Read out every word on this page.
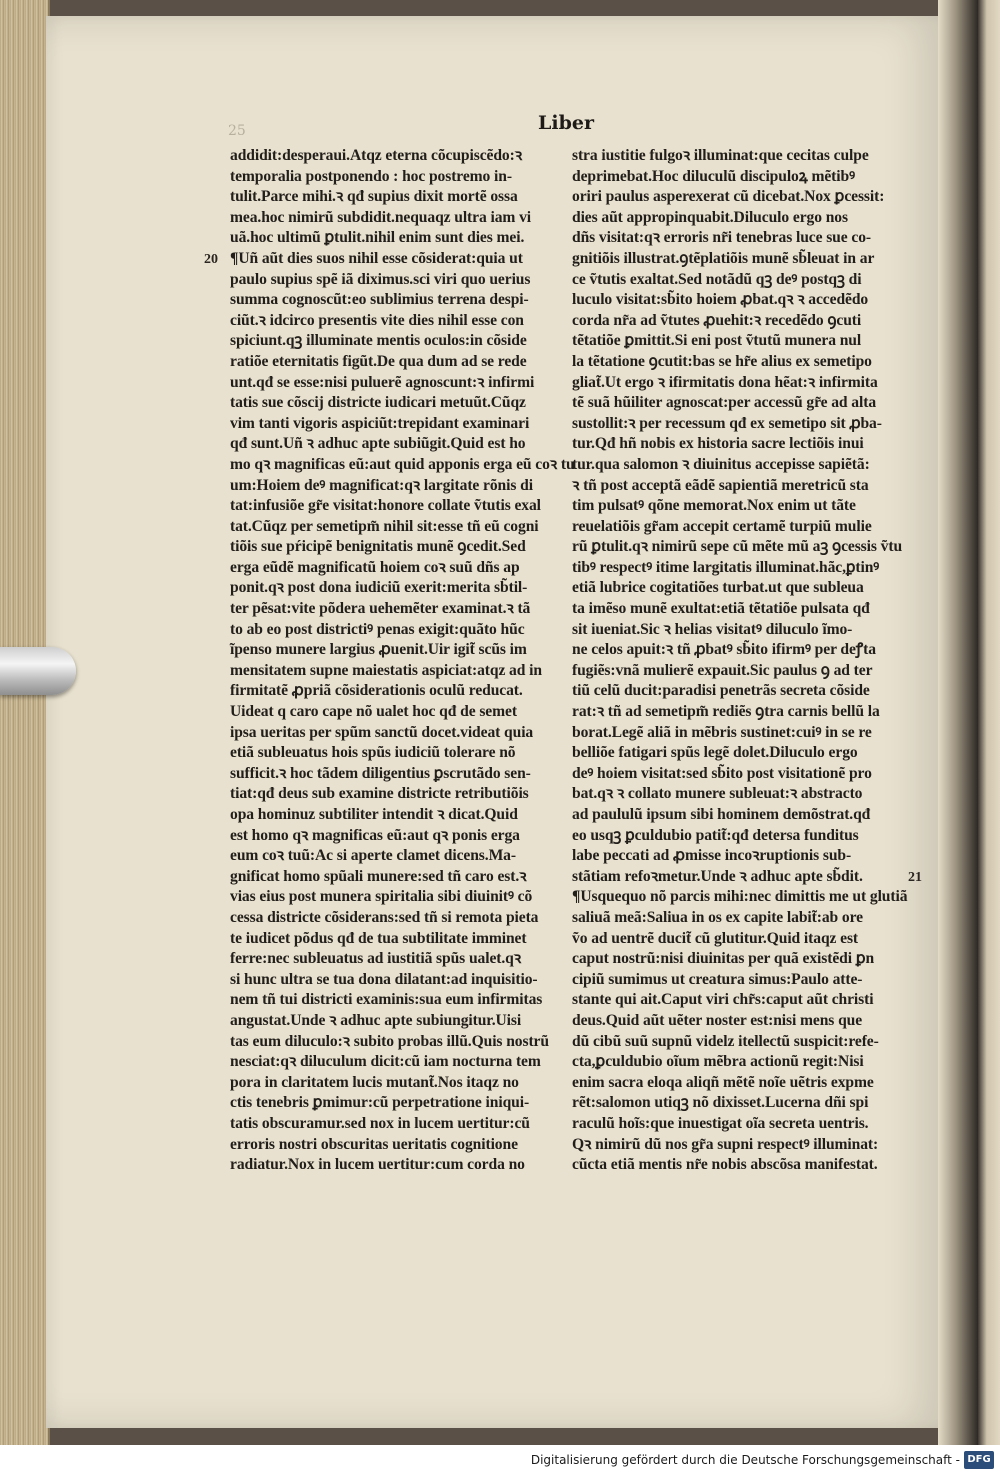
25	Liber
20
21
addidit:desperaui.Atqz eterna cõcupiscẽdo:ꝛ
temporalia postponendo : hoc postremo in-
tulit.Parce mihi.ꝛ qđ supius dixit mortẽ ossa
mea.hoc nimirũ subdidit.nequaqz ultra iam vi
uã.hoc ultimũ ꝑtulit.nihil enim sunt dies mei.
¶Uñ aũt dies suos nihil esse cõsiderat:quia ut
paulo supius spẽ iã diximus.sci viri quo uerius
summa cognoscũt:eo sublimius terrena despi-
ciũt.ꝛ idcirco presentis vite dies nihil esse con
spiciunt.qꝫ illuminate mentis oculos:in cõside
ratiõe eternitatis figũt.De qua dum ad se rede
unt.qđ se esse:nisi puluerẽ agnoscunt:ꝛ infirmi
tatis sue cõscij districte iudicari metuũt.Cũqz
vim tanti vigoris aspiciũt:trepidant examinari
qđ sunt.Uñ ꝛ adhuc apte subiũgit.Quid est ho
mo qꝛ magnificas eũ:aut quid apponis erga eũ coꝛ tu
um:Hoiem deꝰ magnificat:qꝛ largitate rõnis di
tat:infusiõe gr̃e visitat:honore collate ṽtutis exal
tat.Cũqz per semetipm̃ nihil sit:esse tñ eũ cogni
tiõis sue pŕicipẽ benignitatis munẽ ꝯcedit.Sed
erga eũdẽ magnificatũ hoiem coꝛ suũ dñs ap
ponit.qꝛ post dona iudiciũ exerit:merita sb̃til-
ter pẽsat:vite põdera uehemẽter examinat.ꝛ tã
to ab eo post districtiꝰ penas exigit:quãto hũc
ĩpenso munere largius ꝓuenit.Uir igit̃ scũs im
mensitatem supne maiestatis aspiciat:atqz ad in
firmitatẽ ꝓpriã cõsiderationis oculũ reducat.
Uideat q caro cape nõ ualet hoc qđ de semet
ipsa ueritas per spũm sanctũ docet.videat quia
etiã subleuatus hois spũs iudiciũ tolerare nõ
sufficit.ꝛ hoc tãdem diligentius ꝑscrutãdo sen-
tiat:qđ deus sub examine districte retributiõis
opa hominuz subtiliter intendit ꝛ dicat.Quid
est homo qꝛ magnificas eũ:aut qꝛ ponis erga
eum coꝛ tuũ:Ac si aperte clamet dicens.Ma-
gnificat homo spũali munere:sed tñ caro est.ꝛ
vias eius post munera spiritalia sibi diuinitꝰ cõ
cessa districte cõsiderans:sed tñ si remota pieta
te iudicet põdus qđ de tua subtilitate imminet
ferre:nec subleuatus ad iustitiã spũs ualet.qꝛ
si hunc ultra se tua dona dilatant:ad inquisitio-
nem tñ tui districti examinis:sua eum infirmitas
angustat.Unde ꝛ adhuc apte subiungitur.Uisi
tas eum diluculo:ꝛ subito probas illũ.Quis nostrũ
nesciat:qꝛ diluculum dicit:cũ iam nocturna tem
pora in claritatem lucis mutant̃.Nos itaqz no
ctis tenebris ꝑmimur:cũ perpetratione iniqui-
tatis obscuramur.sed nox in lucem uertitur:cũ
erroris nostri obscuritas ueritatis cognitione
radiatur.Nox in lucem uertitur:cum corda no
stra iustitie fulgoꝛ illuminat:que cecitas culpe
deprimebat.Hoc diluculũ discipuloꝝ mẽtibꝰ
oriri paulus asperexerat cũ dicebat.Nox ꝑcessit:
dies aũt appropinquabit.Diluculo ergo nos
dñs visitat:qꝛ erroris nr̃i tenebras luce sue co-
gnitiõis illustrat.ꝯtẽplatiõis munẽ sb̃leuat in ar
ce ṽtutis exaltat.Sed notãdũ qꝫ deꝰ postqꝫ di
luculo visitat:sb̃ito hoiem ꝓbat.qꝛ ꝛ accedẽdo
corda nr̃a ad ṽtutes ꝓuehit:ꝛ recedẽdo ꝯcuti
tẽtatiõe ꝑmittit.Si eni post ṽtutũ munera nul
la tẽtatione ꝯcutit:bas se hr̃e alius ex semetipo
gliat̃.Ut ergo ꝛ ifirmitatis dona hẽat:ꝛ infirmita
tẽ suã hũiliter agnoscat:per accessũ gr̃e ad alta
sustollit:ꝛ per recessum qđ ex semetipo sit ꝓba-
tur.Qđ hñ nobis ex historia sacre lectiõis inui
tur.qua salomon ꝛ diuinitus accepisse sapiẽtã:
ꝛ tñ post acceptã eãdẽ sapientiã meretricũ sta
tim pulsatꝰ qõne memorat.Nox enim ut tãte
reuelatiõis gr̃am accepit certamẽ turpiũ mulie
rũ ꝑtulit.qꝛ nimirũ sepe cũ mẽte mũ aꝫ ꝯcessis ṽtu
tibꝰ respectꝰ itime largitatis illuminat.hãc,ꝑtinꝰ
etiã lubrice cogitatiões turbat.ut que subleua
ta imẽso munẽ exultat:etiã tẽtatiõe pulsata qđ
sit iueniat.Sic ꝛ helias visitatꝰ diluculo ĩmo-
ne celos apuit:ꝛ tñ ꝓbatꝰ sb̃ito ifirmꝰ per deꝭta
fugiẽs:vnã mulierẽ expauit.Sic paulus ꝯ ad ter
tiũ celũ ducit:paradisi penetrãs secreta cõside
rat:ꝛ tñ ad semetipm̃ rediẽs ꝯtra carnis bellũ la
borat.Legẽ aliã in mẽbris sustinet:cuiꝰ in se re
belliõe fatigari spũs legẽ dolet.Diluculo ergo
deꝰ hoiem visitat:sed sb̃ito post visitationẽ pro
bat.qꝛ ꝛ collato munere subleuat:ꝛ abstracto
ad paululũ ipsum sibi hominem demõstrat.qđ
eo usqꝫ ꝑculdubio patit̃:qđ detersa funditus
labe peccati ad ꝓmisse incoꝛruptionis sub-
stãtiam refoꝛmetur.Unde ꝛ adhuc apte sb̃dit.
¶Usquequo nõ parcis mihi:nec dimittis me ut glutiã
saliuã meã:Saliua in os ex capite labit̃:ab ore
ṽo ad uentrẽ ducit̃ cũ glutitur.Quid itaqz est
caput nostrũ:nisi diuinitas per quã existẽdi ꝑn
cipiũ sumimus ut creatura simus:Paulo atte-
stante qui ait.Caput viri chr̃s:caput aũt christi
deus.Quid aũt uẽter noster est:nisi mens que
dũ cibũ suũ supnũ videlz itellectũ suspicit:refe-
cta,ꝑculdubio oĩum mẽbra actionũ regit:Nisi
enim sacra eloqa aliqñ mẽtẽ noĩe uẽtris expme
rẽt:salomon utiqꝫ nõ dixisset.Lucerna dñi spi
raculũ hoĩs:que inuestigat oĩa secreta uentris.
Qꝛ nimirũ dũ nos gr̃a supni respectꝰ illuminat:
cũcta etiã mentis nr̃e nobis abscõsa manifestat.
Digitalisierung gefördert durch die Deutsche Forschungsgemeinschaft - DFG
